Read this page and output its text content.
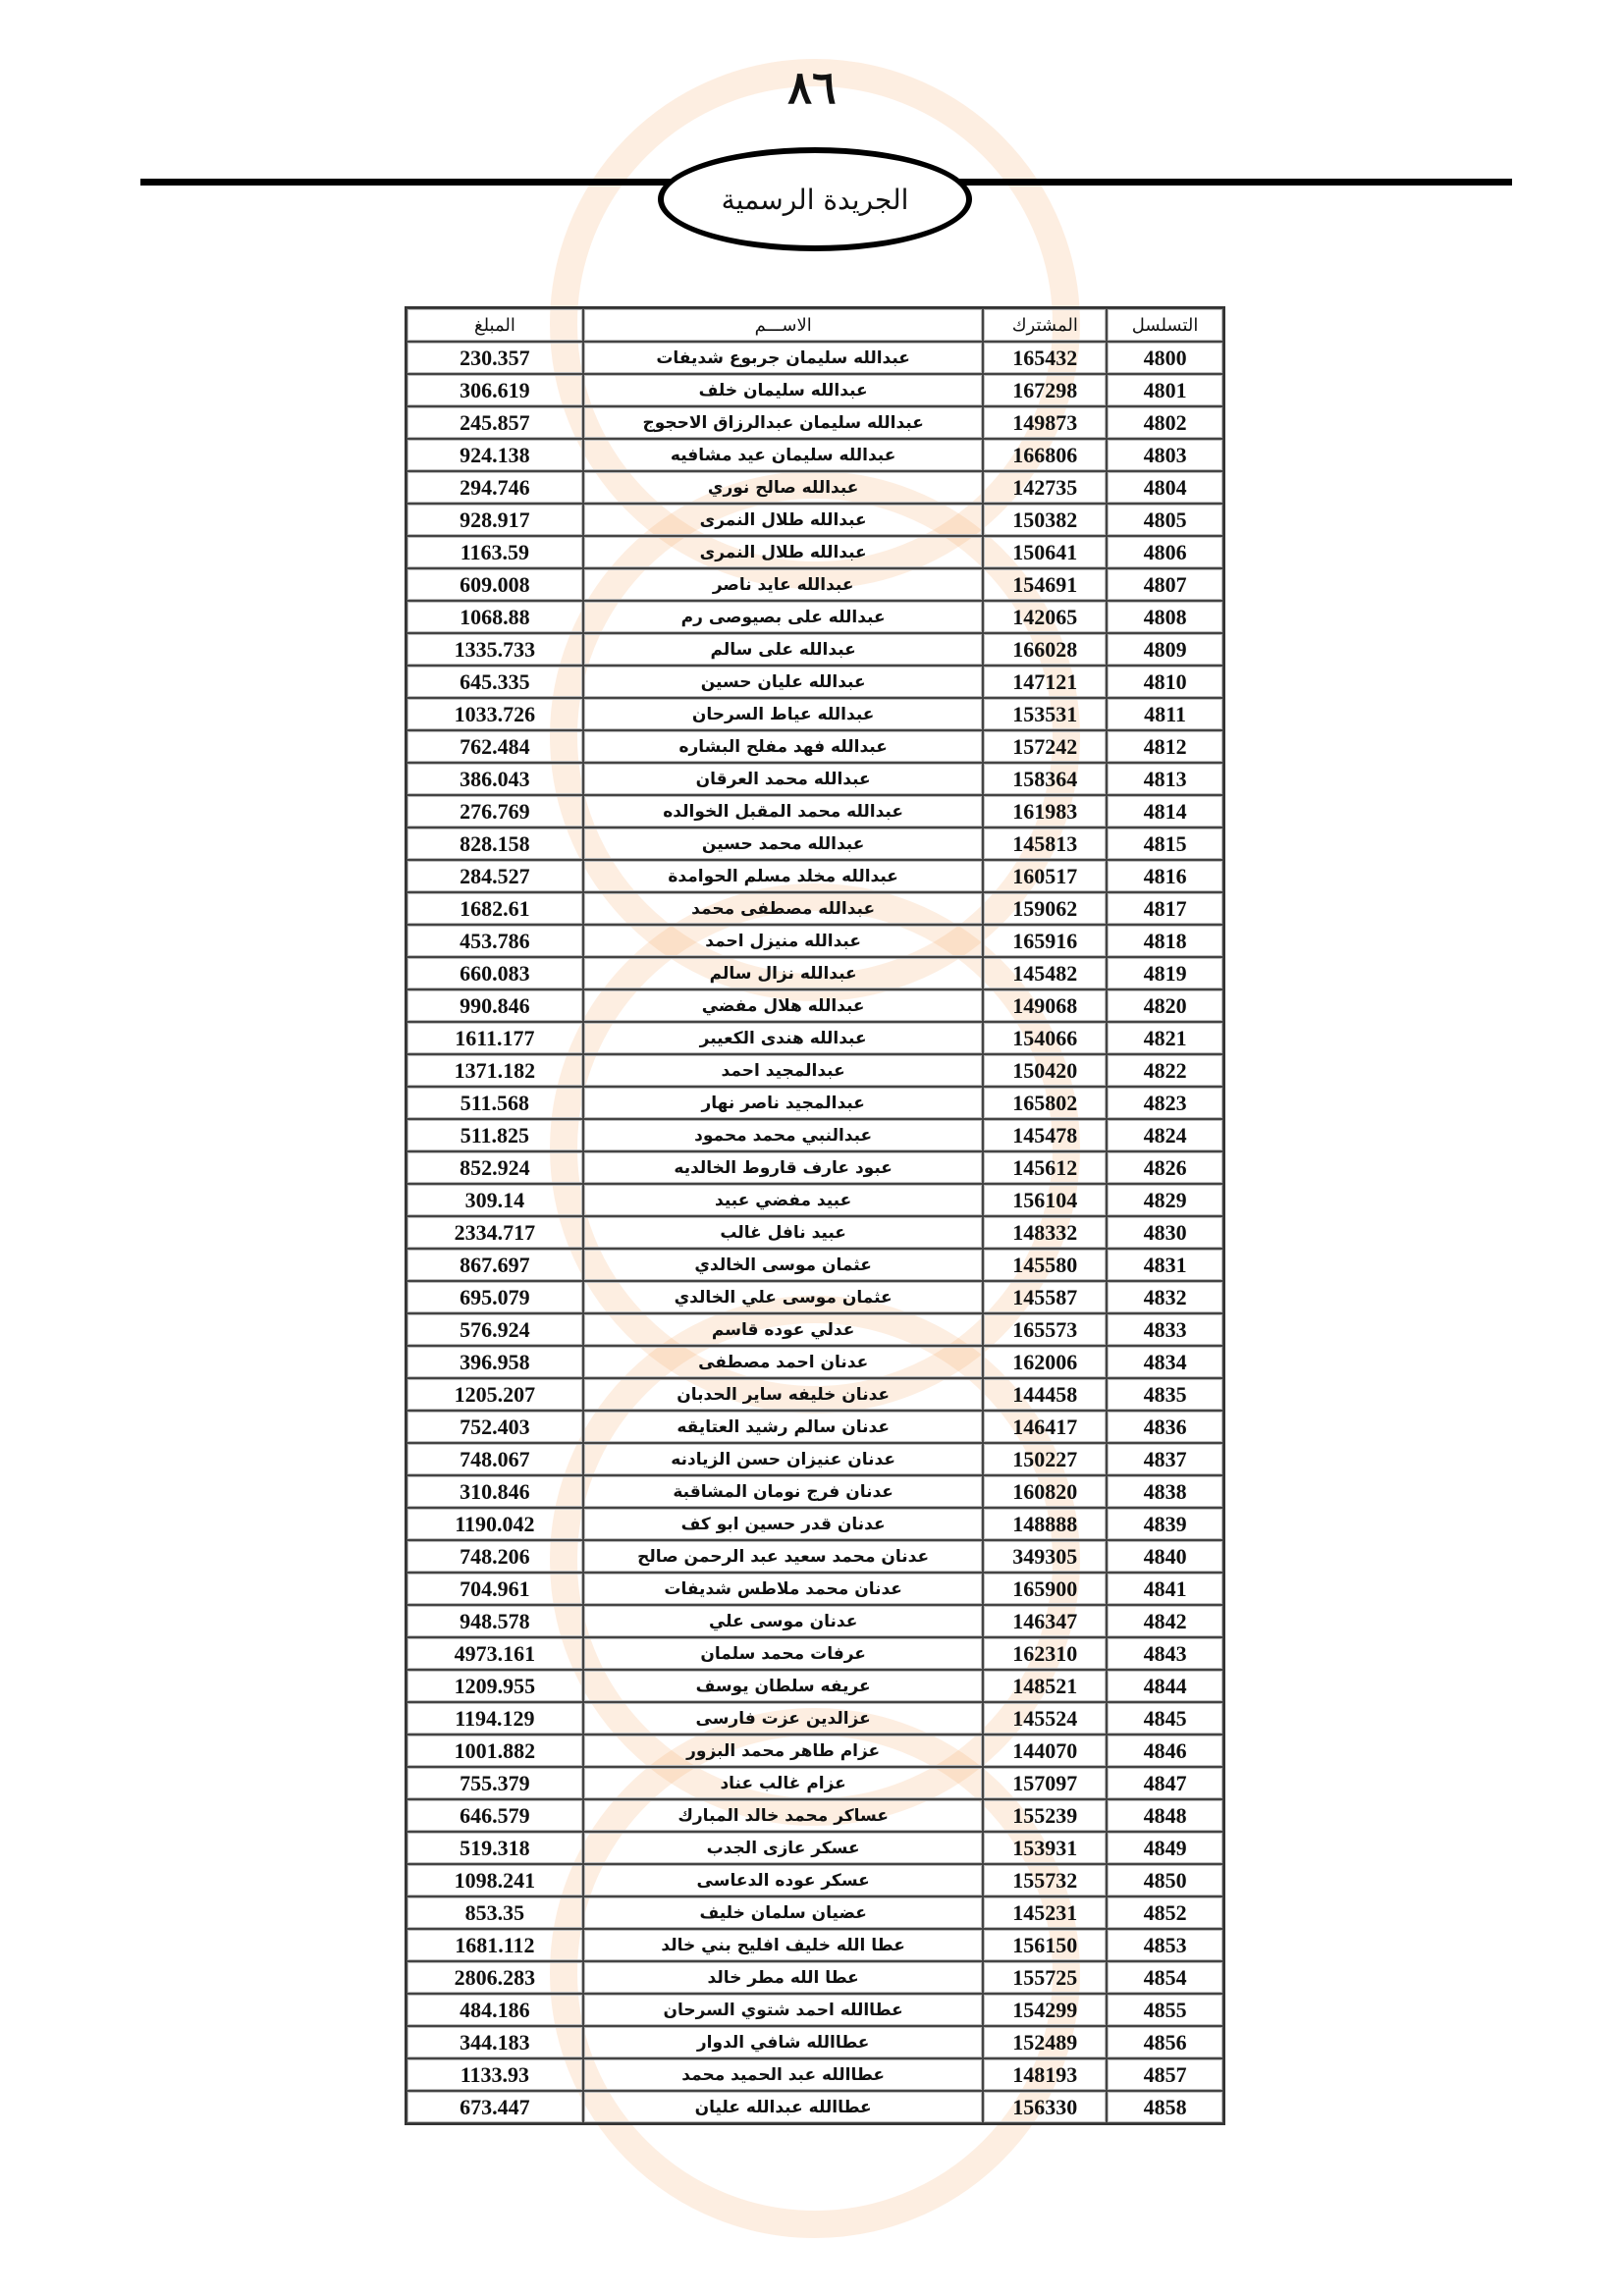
٨٦
الجريدة الرسمية
التسلسل	المشترك	الاســـم	المبلغ
4800	165432	عبدالله سليمان جربوع شديفات	230.357
4801	167298	عبدالله سليمان خلف	306.619
4802	149873	عبدالله سليمان عبدالرزاق اﻻحجوج	245.857
4803	166806	عبدالله سليمان عيد مشافيه	924.138
4804	142735	عبدالله صالح نوري	294.746
4805	150382	عبدالله طلال النمرى	928.917
4806	150641	عبدالله طلال النمرى	1163.59
4807	154691	عبدالله عايد ناصر	609.008
4808	142065	عبدالله على بصيوصى رم	1068.88
4809	166028	عبدالله على سالم	1335.733
4810	147121	عبدالله عليان حسين	645.335
4811	153531	عبدالله عياط السرحان	1033.726
4812	157242	عبدالله فهد مفلح البشاره	762.484
4813	158364	عبدالله محمد العرقان	386.043
4814	161983	عبدالله محمد المقبل الخوالده	276.769
4815	145813	عبدالله محمد حسين	828.158
4816	160517	عبدالله مخلد مسلم الحوامدة	284.527
4817	159062	عبدالله مصطفى محمد	1682.61
4818	165916	عبدالله منيزل احمد	453.786
4819	145482	عبدالله نزال سالم	660.083
4820	149068	عبدالله هلال مفضي	990.846
4821	154066	عبدالله هندى الكعيبر	1611.177
4822	150420	عبدالمجيد احمد	1371.182
4823	165802	عبدالمجيد ناصر نهار	511.568
4824	145478	عبدالنبي محمد محمود	511.825
4826	145612	عبود عارف قاروط الخالديه	852.924
4829	156104	عبيد مفضي عبيد	309.14
4830	148332	عبيد نافل غالب	2334.717
4831	145580	عثمان موسى الخالدي	867.697
4832	145587	عثمان موسى علي الخالدي	695.079
4833	165573	عدلي عوده قاسم	576.924
4834	162006	عدنان احمد مصطفى	396.958
4835	144458	عدنان خليفه ساير الحدبان	1205.207
4836	146417	عدنان سالم رشيد العتايقه	752.403
4837	150227	عدنان عنيزان حسن الزيادنه	748.067
4838	160820	عدنان فرج نومان المشاقبة	310.846
4839	148888	عدنان قدر حسين ابو كف	1190.042
4840	349305	عدنان محمد سعيد عبد الرحمن صالح	748.206
4841	165900	عدنان محمد ملاطس شديفات	704.961
4842	146347	عدنان موسى علي	948.578
4843	162310	عرفات محمد سلمان	4973.161
4844	148521	عريفه سلطان يوسف	1209.955
4845	145524	عزالدين عزت فارسى	1194.129
4846	144070	عزام طاهر محمد البزور	1001.882
4847	157097	عزام غالب عناد	755.379
4848	155239	عساكر محمد خالد المبارك	646.579
4849	153931	عسكر عازى الجدب	519.318
4850	155732	عسكر عوده الدعاسى	1098.241
4852	145231	عضيان سلمان خليف	853.35
4853	156150	عطا الله خليف افليح بني خالد	1681.112
4854	155725	عطا الله مطر خالد	2806.283
4855	154299	عطاالله احمد شتوي السرحان	484.186
4856	152489	عطاالله شافي الدوار	344.183
4857	148193	عطاالله عبد الحميد محمد	1133.93
4858	156330	عطاالله عبدالله عليان	673.447
